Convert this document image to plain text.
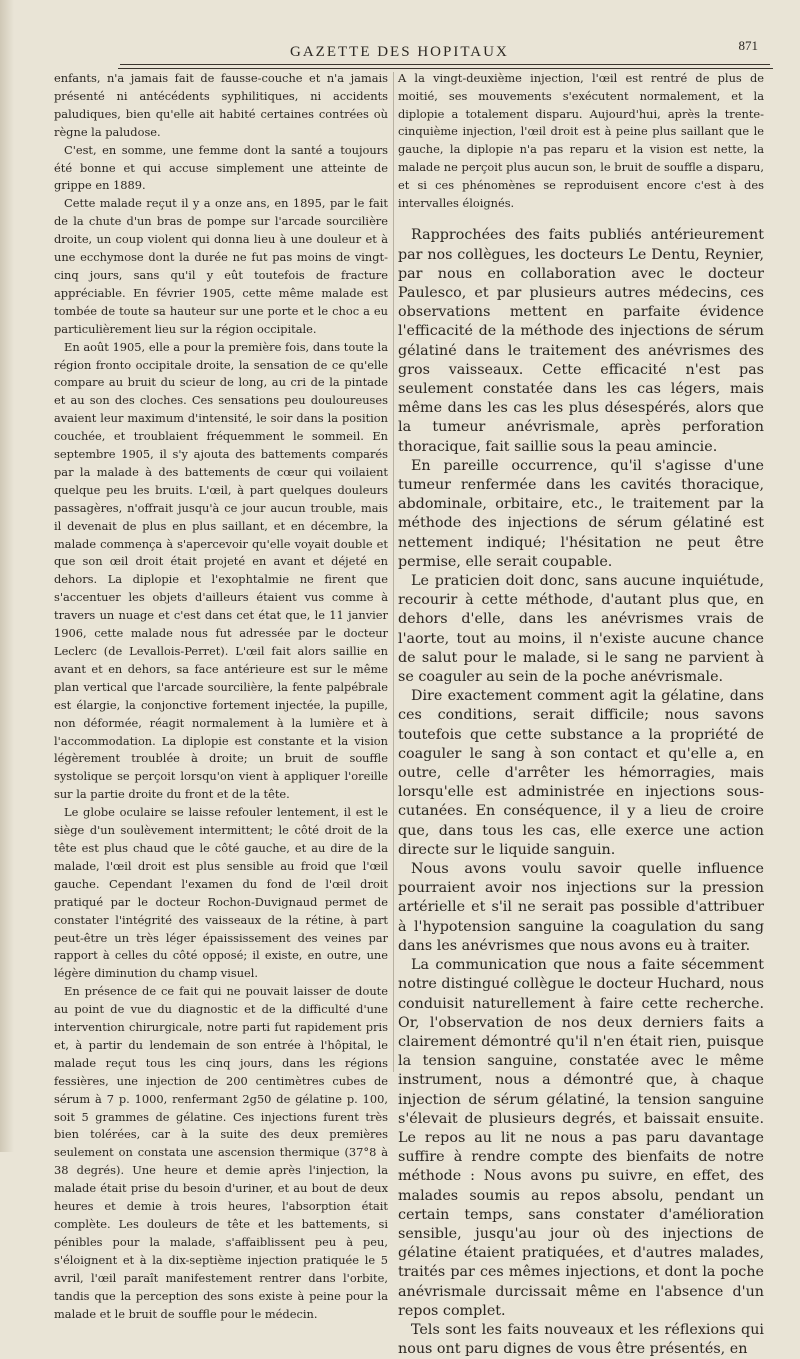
GAZETTE DES HOPITAUX	871

enfants, n'a jamais fait de fausse-couche et n'a jamais présenté ni antécédents syphilitiques, ni accidents paludiques, bien qu'elle ait habité certaines contrées où règne la paludose.

C'est, en somme, une femme dont la santé a toujours été bonne et qui accuse simplement une atteinte de grippe en 1889.

Cette malade reçut il y a onze ans, en 1895, par le fait de la chute d'un bras de pompe sur l'arcade sourcilière droite, un coup violent qui donna lieu à une douleur et à une ecchymose dont la durée ne fut pas moins de vingt-cinq jours, sans qu'il y eût toutefois de fracture appréciable. En février 1905, cette même malade est tombée de toute sa hauteur sur une porte et le choc a eu particulièrement lieu sur la région occipitale.

En août 1905, elle a pour la première fois, dans toute la région fronto occipitale droite, la sensation de ce qu'elle compare au bruit du scieur de long, au cri de la pintade et au son des cloches. Ces sensations peu douloureuses avaient leur maximum d'intensité, le soir dans la position couchée, et troublaient fréquemment le sommeil. En septembre 1905, il s'y ajouta des battements comparés par la malade à des battements de cœur qui voilaient quelque peu les bruits. L'œil, à part quelques douleurs passagères, n'offrait jusqu'à ce jour aucun trouble, mais il devenait de plus en plus saillant, et en décembre, la malade commença à s'apercevoir qu'elle voyait double et que son œil droit était projeté en avant et déjeté en dehors. La diplopie et l'exophtalmie ne firent que s'accentuer les objets d'ailleurs étaient vus comme à travers un nuage et c'est dans cet état que, le 11 janvier 1906, cette malade nous fut adressée par le docteur Leclerc (de Levallois-Perret). L'œil fait alors saillie en avant et en dehors, sa face antérieure est sur le même plan vertical que l'arcade sourcilière, la fente palpébrale est élargie, la conjonctive fortement injectée, la pupille, non déformée, réagit normalement à la lumière et à l'accommodation. La diplopie est constante et la vision légèrement troublée à droite; un bruit de souffle systolique se perçoit lorsqu'on vient à appliquer l'oreille sur la partie droite du front et de la tête.

Le globe oculaire se laisse refouler lentement, il est le siège d'un soulèvement intermittent; le côté droit de la tête est plus chaud que le côté gauche, et au dire de la malade, l'œil droit est plus sensible au froid que l'œil gauche. Cependant l'examen du fond de l'œil droit pratiqué par le docteur Rochon-Duvignaud permet de constater l'intégrité des vaisseaux de la rétine, à part peut-être un très léger épaississement des veines par rapport à celles du côté opposé; il existe, en outre, une légère diminution du champ visuel.

En présence de ce fait qui ne pouvait laisser de doute au point de vue du diagnostic et de la difficulté d'une intervention chirurgicale, notre parti fut rapidement pris et, à partir du lendemain de son entrée à l'hôpital, le malade reçut tous les cinq jours, dans les régions fessières, une injection de 200 centimètres cubes de sérum à 7 p. 1000, renfermant 2g50 de gélatine p. 100, soit 5 grammes de gélatine. Ces injections furent très bien tolérées, car à la suite des deux premières seulement on constata une ascension thermique (37°8 à 38 degrés). Une heure et demie après l'injection, la malade était prise du besoin d'uriner, et au bout de deux heures et demie à trois heures, l'absorption était complète. Les douleurs de tête et les battements, si pénibles pour la malade, s'affaiblissent peu à peu, s'éloignent et à la dix-septième injection pratiquée le 5 avril, l'œil paraît manifestement rentrer dans l'orbite, tandis que la perception des sons existe à peine pour la malade et le bruit de souffle pour le médecin.

A la vingt-deuxième injection, l'œil est rentré de plus de moitié, ses mouvements s'exécutent normalement, et la diplopie a totalement disparu. Aujourd'hui, après la trente-cinquième injection, l'œil droit est à peine plus saillant que le gauche, la diplopie n'a pas reparu et la vision est nette, la malade ne perçoit plus aucun son, le bruit de souffle a disparu, et si ces phénomènes se reproduisent encore c'est à des intervalles éloignés.

Rapprochées des faits publiés antérieurement par nos collègues, les docteurs Le Dentu, Reynier, par nous en collaboration avec le docteur Paulesco, et par plusieurs autres médecins, ces observations mettent en parfaite évidence l'efficacité de la méthode des injections de sérum gélatiné dans le traitement des anévrismes des gros vaisseaux. Cette efficacité n'est pas seulement constatée dans les cas légers, mais même dans les cas les plus désespérés, alors que la tumeur anévrismale, après perforation thoracique, fait saillie sous la peau amincie.

En pareille occurrence, qu'il s'agisse d'une tumeur renfermée dans les cavités thoracique, abdominale, orbitaire, etc., le traitement par la méthode des injections de sérum gélatiné est nettement indiqué; l'hésitation ne peut être permise, elle serait coupable.

Le praticien doit donc, sans aucune inquiétude, recourir à cette méthode, d'autant plus que, en dehors d'elle, dans les anévrismes vrais de l'aorte, tout au moins, il n'existe aucune chance de salut pour le malade, si le sang ne parvient à se coaguler au sein de la poche anévrismale.

Dire exactement comment agit la gélatine, dans ces conditions, serait difficile; nous savons toutefois que cette substance a la propriété de coaguler le sang à son contact et qu'elle a, en outre, celle d'arrêter les hémorragies, mais lorsqu'elle est administrée en injections sous-cutanées. En conséquence, il y a lieu de croire que, dans tous les cas, elle exerce une action directe sur le liquide sanguin.

Nous avons voulu savoir quelle influence pourraient avoir nos injections sur la pression artérielle et s'il ne serait pas possible d'attribuer à l'hypotension sanguine la coagulation du sang dans les anévrismes que nous avons eu à traiter.

La communication que nous a faite sécemment notre distingué collègue le docteur Huchard, nous conduisit naturellement à faire cette recherche. Or, l'observation de nos deux derniers faits a clairement démontré qu'il n'en était rien, puisque la tension sanguine, constatée avec le même instrument, nous a démontré que, à chaque injection de sérum gélatiné, la tension sanguine s'élevait de plusieurs degrés, et baissait ensuite. Le repos au lit ne nous a pas paru davantage suffire à rendre compte des bienfaits de notre méthode : Nous avons pu suivre, en effet, des malades soumis au repos absolu, pendant un certain temps, sans constater d'amélioration sensible, jusqu'au jour où des injections de gélatine étaient pratiquées, et d'autres malades, traités par ces mêmes injections, et dont la poche anévrismale durcissait même en l'absence d'un repos complet.

Tels sont les faits nouveaux et les réflexions qui nous ont paru dignes de vous être présentés, en
